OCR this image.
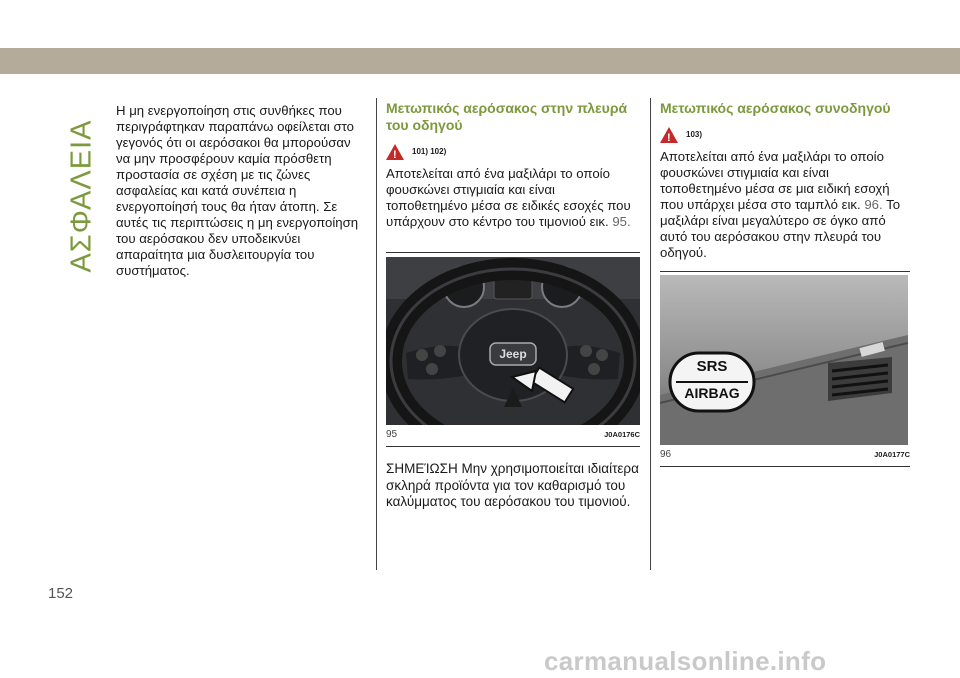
ΑΣΦΑΛΕΙΑ

Η μη ενεργοποίηση στις συνθήκες που περιγράφτηκαν παραπάνω οφείλεται στο γεγονός ότι οι αερόσακοι θα μπορούσαν να μην προσφέρουν καμία πρόσθετη προστασία σε σχέση με τις ζώνες ασφαλείας και κατά συνέπεια η ενεργοποίησή τους θα ήταν άτοπη. Σε αυτές τις περιπτώσεις η μη ενεργοποίηση του αερόσακου δεν υποδεικνύει απαραίτητα μια δυσλειτουργία του συστήματος.

Μετωπικός αερόσακος στην πλευρά του οδηγού

! 101) 102)

Αποτελείται από ένα μαξιλάρι το οποίο φουσκώνει στιγμιαία και είναι τοποθετημένο μέσα σε ειδικές εσοχές που υπάρχουν στο κέντρο του τιμονιού εικ. 95.

Jeep
95	J0A0176C

ΣΗΜΕΊΩΣΗ Μην χρησιμοποιείται ιδιαίτερα σκληρά προϊόντα για τον καθαρισμό του καλύμματος του αερόσακου του τιμονιού.

Μετωπικός αερόσακος συνοδηγού

! 103)

Αποτελείται από ένα μαξιλάρι το οποίο φουσκώνει στιγμιαία και είναι τοποθετημένο μέσα σε μια ειδική εσοχή που υπάρχει μέσα στο ταμπλό εικ. 96. Το μαξιλάρι είναι μεγαλύτερο σε όγκο από αυτό του αερόσακου στην πλευρά του οδηγού.

SRS
AIRBAG
96	J0A0177C
152
carmanualsonline.info
